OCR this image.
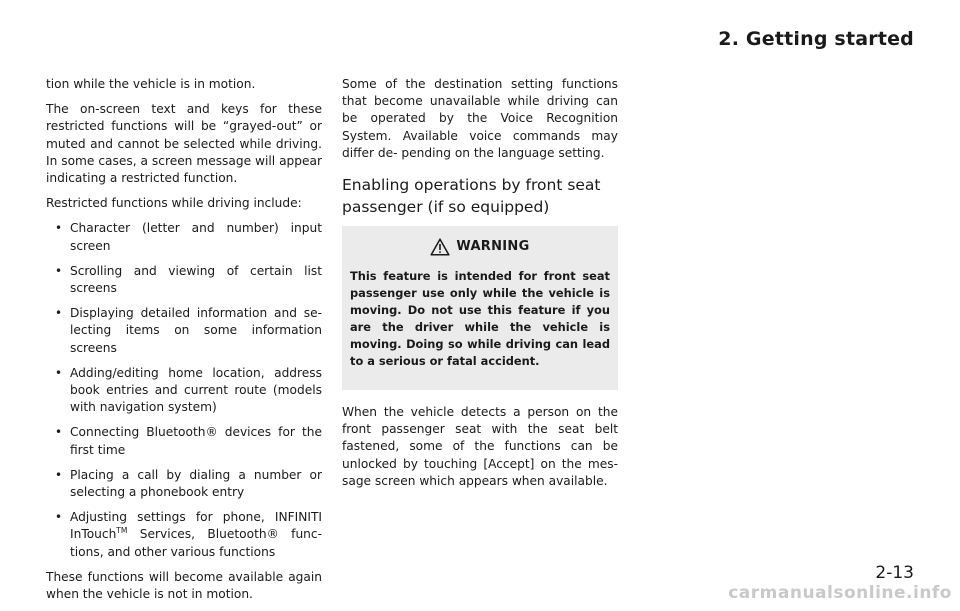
2. Getting started

tion while the vehicle is in motion.

The on-screen text and keys for these restricted functions will be “grayed-out” or muted and cannot be selected while driving. In some cases, a screen message will appear indicating a restricted function.

Restricted functions while driving include:

• Character (letter and number) input screen
• Scrolling and viewing of certain list screens
• Displaying detailed information and se- lecting items on some information screens
• Adding/editing home location, address book entries and current route (models with navigation system)
• Connecting Bluetooth® devices for the first time
• Placing a call by dialing a number or selecting a phonebook entry
• Adjusting settings for phone, INFINITI InTouch™ Services, Bluetooth® func- tions, and other various functions

These functions will become available again when the vehicle is not in motion.

Some of the destination setting functions that become unavailable while driving can be operated by the Voice Recognition System. Available voice commands may differ de- pending on the language setting.

Enabling operations by front seat passenger (if so equipped)
WARNING

This feature is intended for front seat passenger use only while the vehicle is moving. Do not use this feature if you are the driver while the vehicle is moving. Doing so while driving can lead to a serious or fatal accident.

When the vehicle detects a person on the front passenger seat with the seat belt fastened, some of the functions can be unlocked by touching [Accept] on the mes- sage screen which appears when available.

2-13

carmanualsonline.info
